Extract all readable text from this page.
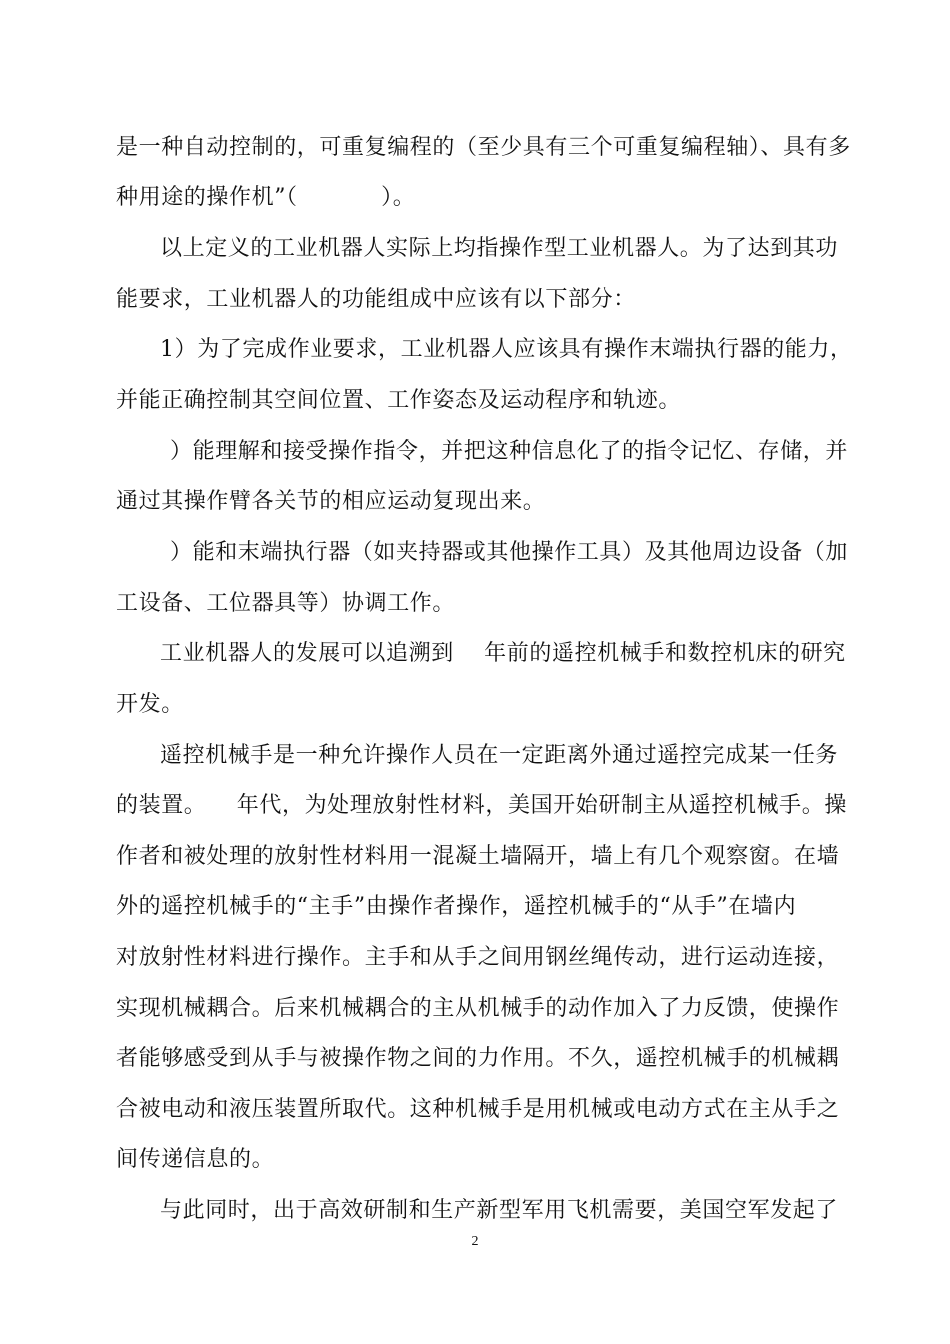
是一种自动控制的，可重复编程的（至少具有三个可重复编程轴）、具有多
种用途的操作机”（           ）。
以上定义的工业机器人实际上均指操作型工业机器人。为了达到其功
能要求，工业机器人的功能组成中应该有以下部分：
1）为了完成作业要求，工业机器人应该具有操作末端执行器的能力，
并能正确控制其空间位置、工作姿态及运动程序和轨迹。
）能理解和接受操作指令，并把这种信息化了的指令记忆、存储，并
通过其操作臂各关节的相应运动复现出来。
）能和末端执行器（如夹持器或其他操作工具）及其他周边设备（加
工设备、工位器具等）协调工作。
工业机器人的发展可以追溯到    年前的遥控机械手和数控机床的研究
开发。
遥控机械手是一种允许操作人员在一定距离外通过遥控完成某一任务
的装置。    年代，为处理放射性材料，美国开始研制主从遥控机械手。操
作者和被处理的放射性材料用一混凝土墙隔开，墙上有几个观察窗。在墙
外的遥控机械手的“主手”由操作者操作，遥控机械手的“从手”在墙内
对放射性材料进行操作。主手和从手之间用钢丝绳传动，进行运动连接，
实现机械耦合。后来机械耦合的主从机械手的动作加入了力反馈，使操作
者能够感受到从手与被操作物之间的力作用。不久，遥控机械手的机械耦
合被电动和液压装置所取代。这种机械手是用机械或电动方式在主从手之
间传递信息的。
与此同时，出于高效研制和生产新型军用飞机需要，美国空军发起了
2
